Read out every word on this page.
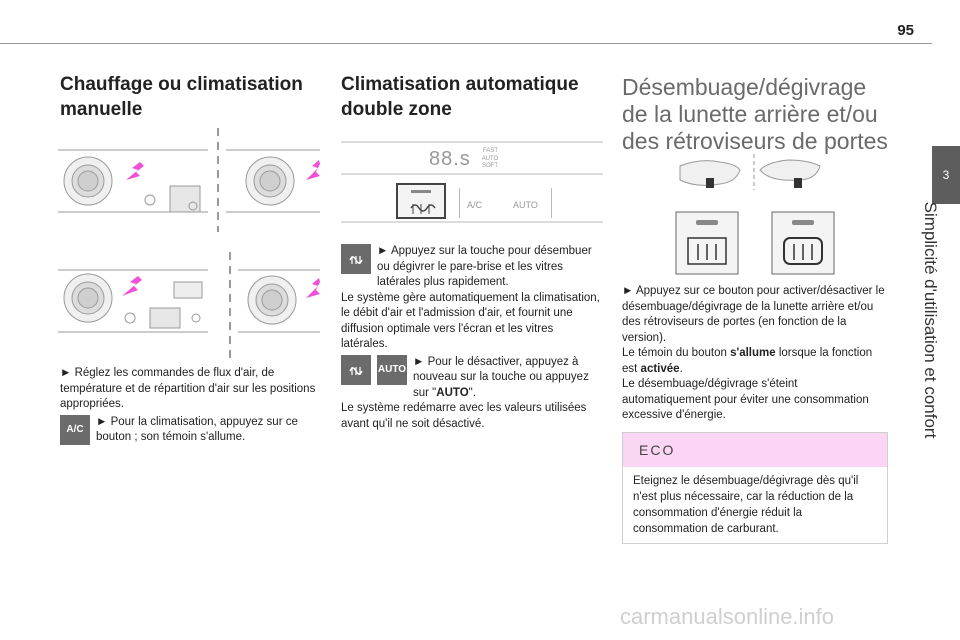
95
3
Simplicité d'utilisation et confort
Chauffage ou climatisation manuelle

► Réglez les commandes de flux d'air, de température et de répartition d'air sur les positions appropriées.

A/C

► Pour la climatisation, appuyez sur ce bouton ; son témoin s'allume.

Climatisation automatique double zone
88.s FAST
AUTO SOFT
A/C	AUTO

► Appuyez sur la touche pour désembuer ou dégivrer le pare-brise et les vitres latérales plus rapidement.

Le système gère automatiquement la climatisation, le débit d'air et l'admission d'air, et fournit une diffusion optimale vers l'écran et les vitres latérales.

AUTO

► Pour le désactiver, appuyez à nouveau sur la touche ou appuyez sur "AUTO".

Le système redémarre avec les valeurs utilisées avant qu'il ne soit désactivé.

Désembuage/dégivrage de la lunette arrière et/ou des rétroviseurs de portes

► Appuyez sur ce bouton pour activer/désactiver le désembuage/dégivrage de la lunette arrière et/ou des rétroviseurs de portes (en fonction de la version).

Le témoin du bouton s'allume lorsque la fonction est activée.

Le désembuage/dégivrage s'éteint automatiquement pour éviter une consommation excessive d'énergie.

ECO
Eteignez le désembuage/dégivrage dès qu'il n'est plus nécessaire, car la réduction de la consommation d'énergie réduit la consommation de carburant.
carmanualsonline.info
